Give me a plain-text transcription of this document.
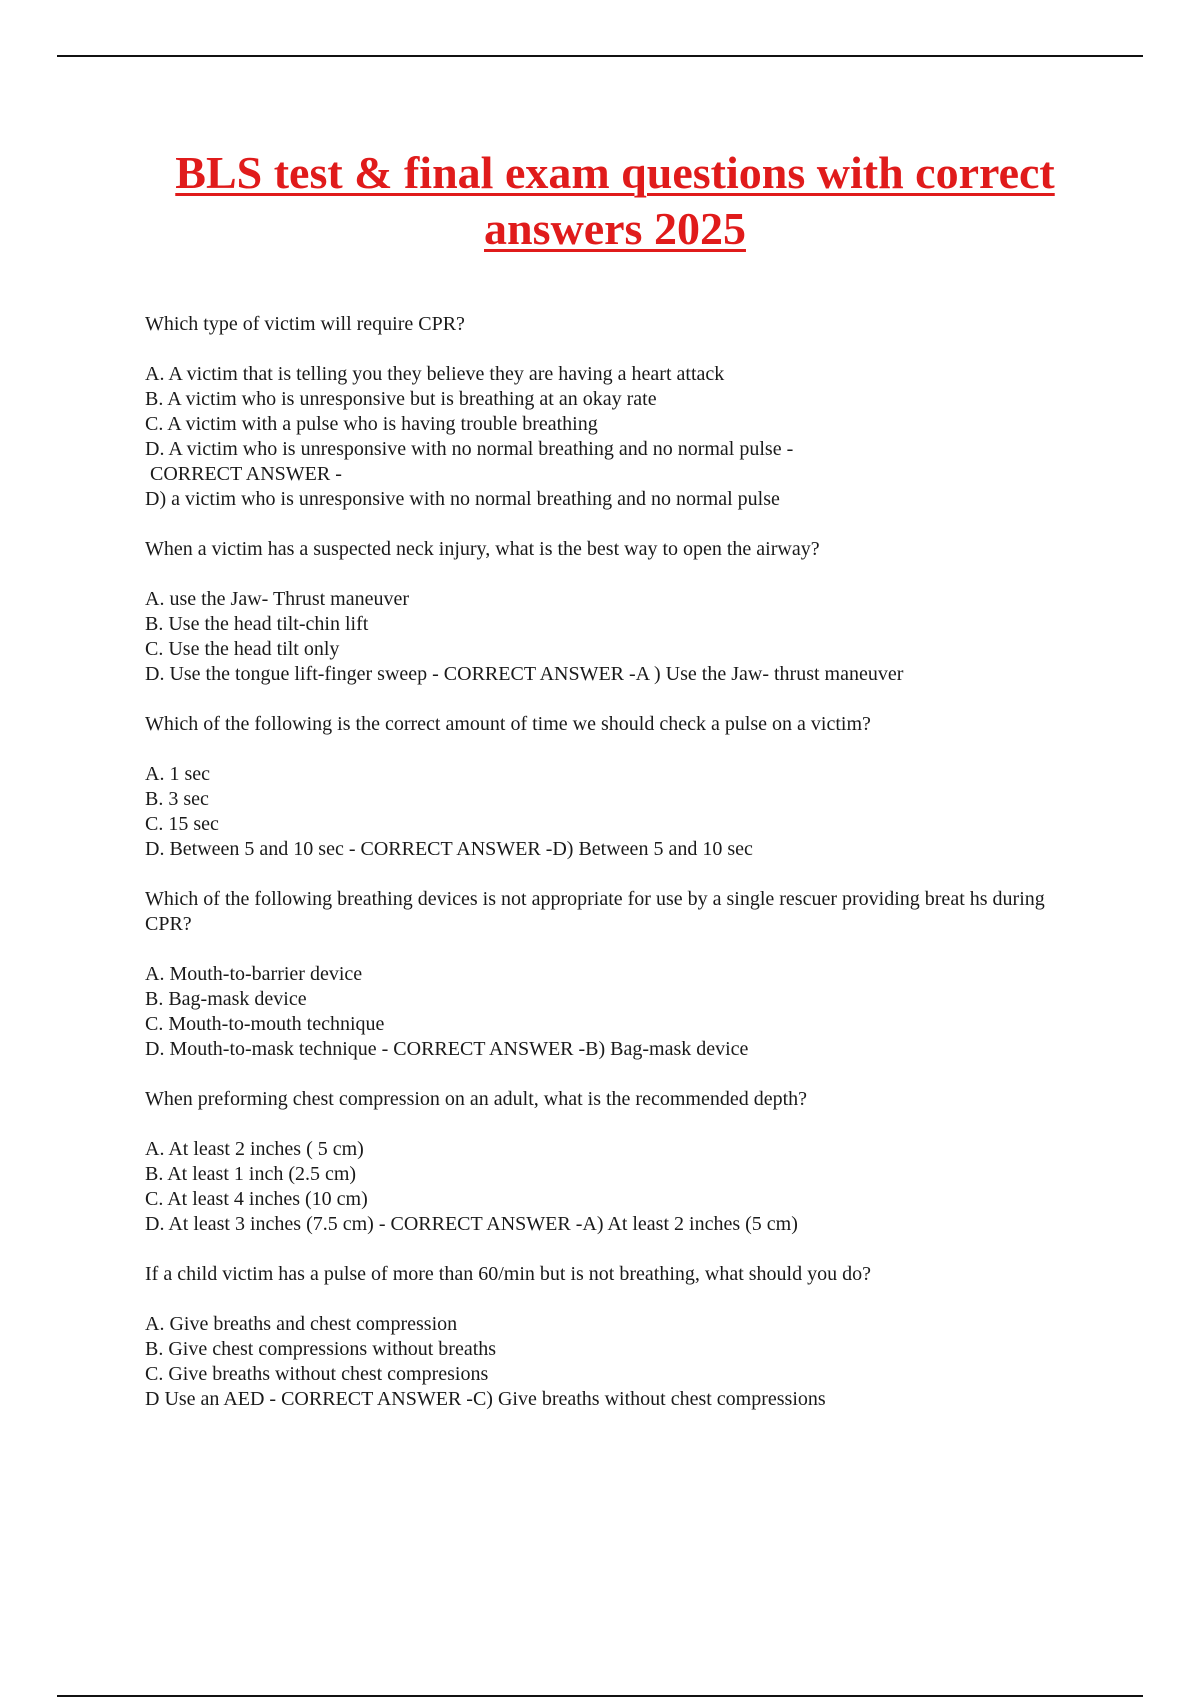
BLS test & final exam questions with correct answers 2025

Which type of victim will require CPR?

A. A victim that is telling you they believe they are having a heart attack

B. A victim who is unresponsive but is breathing at an okay rate

C. A victim with a pulse who is having trouble breathing

D. A victim who is unresponsive with no normal breathing and no normal pulse -

CORRECT ANSWER -

D) a victim who is unresponsive with no normal breathing and no normal pulse

When a victim has a suspected neck injury, what is the best way to open the airway?

A. use the Jaw- Thrust maneuver

B. Use the head tilt-chin lift

C. Use the head tilt only

D. Use the tongue lift-finger sweep - CORRECT ANSWER -A ) Use the Jaw- thrust maneuver

Which of the following is the correct amount of time we should check a pulse on a victim?

A. 1 sec

B. 3 sec

C. 15 sec

D. Between 5 and 10 sec - CORRECT ANSWER -D) Between 5 and 10 sec

Which of the following breathing devices is not appropriate for use by a single rescuer providing breat hs during CPR?

A. Mouth-to-barrier device

B. Bag-mask device

C. Mouth-to-mouth technique

D. Mouth-to-mask technique - CORRECT ANSWER -B) Bag-mask device

When preforming chest compression on an adult, what is the recommended depth?

A. At least 2 inches ( 5 cm)

B. At least 1 inch (2.5 cm)

C. At least 4 inches (10 cm)

D. At least 3 inches (7.5 cm) - CORRECT ANSWER -A) At least 2 inches (5 cm)

If a child victim has a pulse of more than 60/min but is not breathing, what should you do?

A. Give breaths and chest compression

B. Give chest compressions without breaths

C. Give breaths without chest compresions

D Use an AED - CORRECT ANSWER -C) Give breaths without chest compressions
